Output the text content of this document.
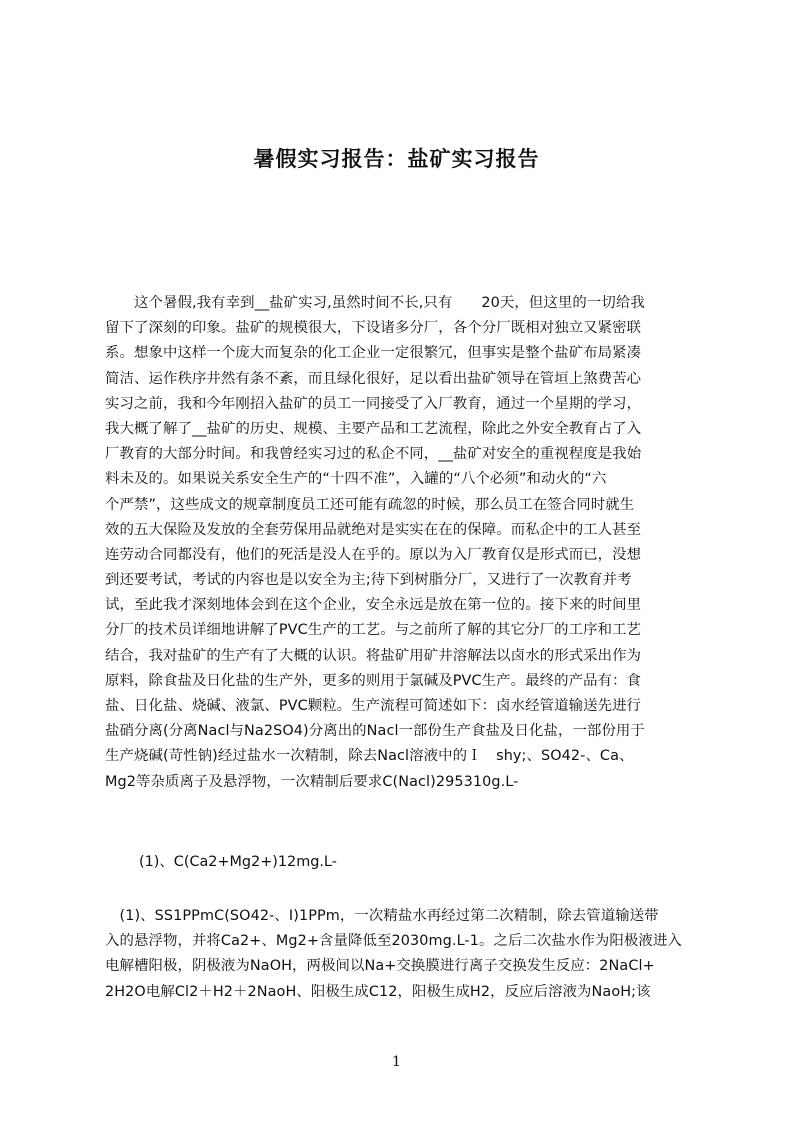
暑假实习报告：盐矿实习报告
　　这个暑假,我有幸到__盐矿实习,虽然时间不长,只有　　20天，但这里的一切给我
留下了深刻的印象。盐矿的规模很大，下设诸多分厂，各个分厂既相对独立又紧密联
系。想象中这样一个庞大而复杂的化工企业一定很繁冗，但事实是整个盐矿布局紧凑
简洁、运作秩序井然有条不紊，而且绿化很好，足以看出盐矿领导在管垣上煞费苦心
实习之前，我和今年刚招入盐矿的员工一同接受了入厂教育，通过一个星期的学习，
我大概了解了__盐矿的历史、规模、主要产品和工艺流程，除此之外安全教育占了入
厂教育的大部分时间。和我曾经实习过的私企不同，__盐矿对安全的重视程度是我始
料未及的。如果说关系安全生产的“十四不准”，入罐的“八个必须”和动火的“六
个严禁”，这些成文的规章制度员工还可能有疏忽的时候，那么员工在签合同时就生
效的五大保险及发放的全套劳保用品就绝对是实实在在的保障。而私企中的工人甚至
连劳动合同都没有，他们的死活是没人在乎的。原以为入厂教育仅是形式而已，没想
到还要考试，考试的内容也是以安全为主;待下到树脂分厂，又进行了一次教育并考
试，至此我才深刻地体会到在这个企业，安全永远是放在第一位的。接下来的时间里
分厂的技术员详细地讲解了PVC生产的工艺。与之前所了解的其它分厂的工序和工艺
结合，我对盐矿的生产有了大概的认识。将盐矿用矿井溶解法以卤水的形式采出作为
原料，除食盐及日化盐的生产外，更多的则用于氯碱及PVC生产。最终的产品有：食
盐、日化盐、烧碱、液氯、PVC颗粒。生产流程可简述如下：卤水经管道输送先进行
盐硝分离(分离Nacl与Na2SO4)分离出的Nacl一部份生产食盐及日化盐，一部份用于
生产烧碱(苛性钠)经过盐水一次精制，除去Nacl溶液中的Ｉ　shy;、SO42-、Ca、
Mg2等杂质离子及悬浮物，一次精制后要求C(Nacl)295310g.L-
(1)、C(Ca2+Mg2+)12mg.L-
　(1)、SS1PPmC(SO42-、I)1PPm，一次精盐水再经过第二次精制，除去管道输送带
入的悬浮物，并将Ca2+、Mg2+含量降低至2030mg.L-1。之后二次盐水作为阳极液进入
电解槽阳极，阴极液为NaOH，两极间以Na+交换膜进行离子交换发生反应：2NaCl+
2H2O电解Cl2＋H2＋2NaoH、阳极生成C12，阳极生成H2，反应后溶液为NaoH;该
1
